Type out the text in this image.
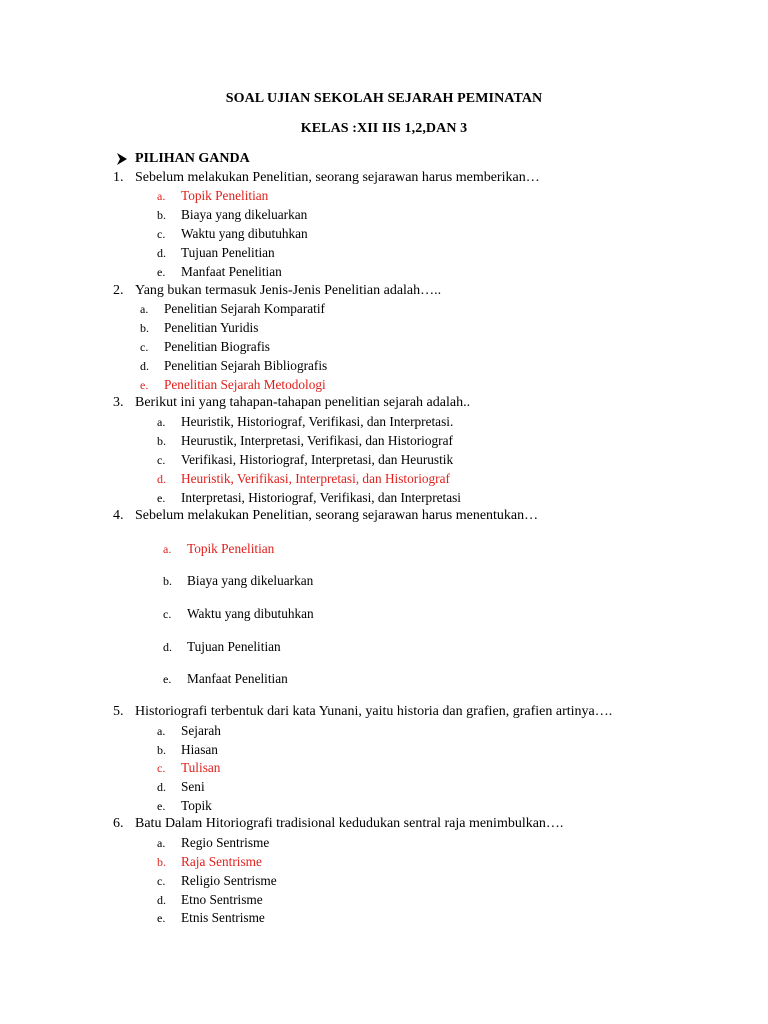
SOAL UJIAN SEKOLAH SEJARAH PEMINATAN
KELAS :XII IIS 1,2,DAN 3
PILIHAN GANDA
1. Sebelum melakukan Penelitian, seorang sejarawan harus memberikan…
a. Topik Penelitian
b. Biaya yang dikeluarkan
c. Waktu yang dibutuhkan
d. Tujuan Penelitian
e. Manfaat Penelitian
2. Yang bukan termasuk Jenis-Jenis Penelitian adalah…..
a. Penelitian Sejarah Komparatif
b. Penelitian Yuridis
c. Penelitian Biografis
d. Penelitian Sejarah Bibliografis
e. Penelitian Sejarah Metodologi
3. Berikut ini yang tahapan-tahapan penelitian sejarah adalah..
a. Heuristik, Historiograf, Verifikasi, dan Interpretasi.
b. Heurustik, Interpretasi, Verifikasi, dan Historiograf
c. Verifikasi, Historiograf, Interpretasi, dan Heurustik
d. Heuristik, Verifikasi, Interpretasi, dan Historiograf
e. Interpretasi, Historiograf, Verifikasi, dan Interpretasi
4. Sebelum melakukan Penelitian, seorang sejarawan harus menentukan…
a. Topik Penelitian
b. Biaya yang dikeluarkan
c. Waktu yang dibutuhkan
d. Tujuan Penelitian
e. Manfaat Penelitian
5. Historiografi terbentuk dari kata Yunani, yaitu historia dan grafien, grafien artinya….
a. Sejarah
b. Hiasan
c. Tulisan
d. Seni
e. Topik
6. Batu Dalam Hitoriografi tradisional kedudukan sentral raja menimbulkan….
a. Regio Sentrisme
b. Raja Sentrisme
c. Religio Sentrisme
d. Etno Sentrisme
e. Etnis Sentrisme
